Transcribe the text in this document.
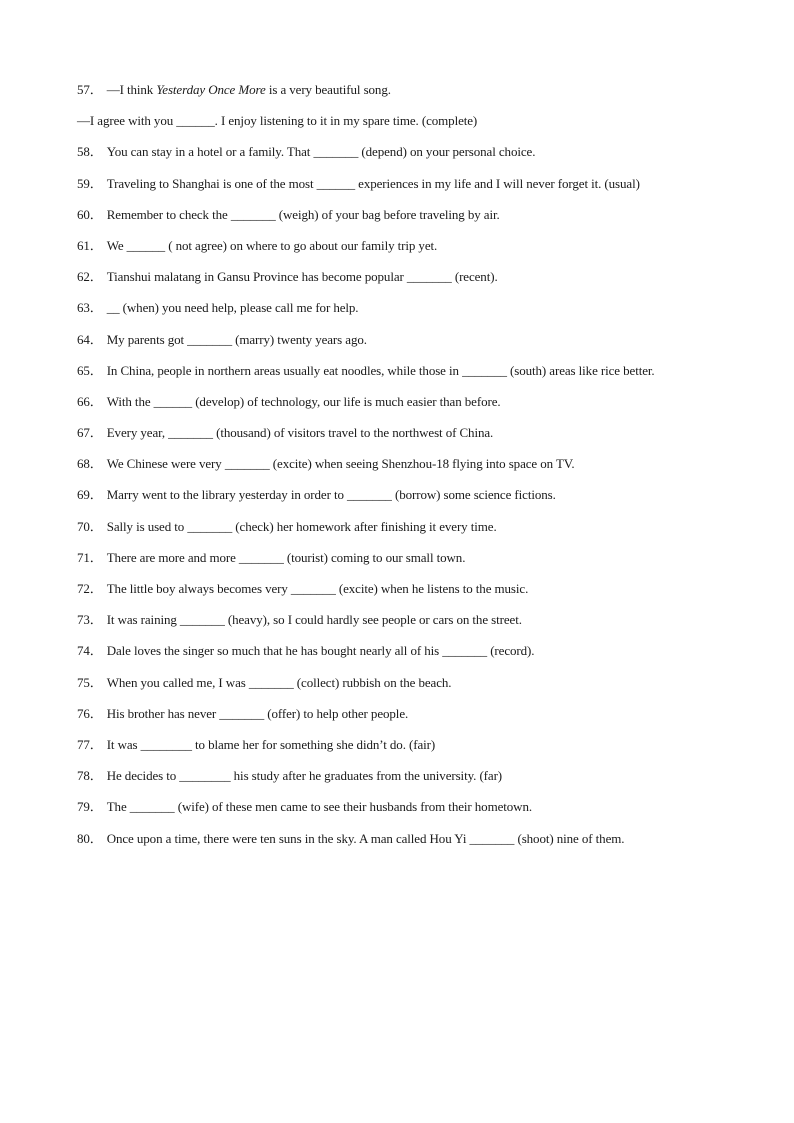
57． —I think Yesterday Once More is a very beautiful song.
—I agree with you ______. I enjoy listening to it in my spare time. (complete)
58． You can stay in a hotel or a family. That _______ (depend) on your personal choice.
59． Traveling to Shanghai is one of the most ______ experiences in my life and I will never forget it. (usual)
60． Remember to check the _______ (weigh) of your bag before traveling by air.
61． We ______ ( not agree) on where to go about our family trip yet.
62． Tianshui malatang in Gansu Province has become popular _______ (recent).
63． __ (when) you need help, please call me for help.
64． My parents got _______ (marry) twenty years ago.
65． In China, people in northern areas usually eat noodles, while those in _______ (south) areas like rice better.
66． With the ______ (develop) of technology, our life is much easier than before.
67． Every year, _______ (thousand) of visitors travel to the northwest of China.
68． We Chinese were very _______ (excite) when seeing Shenzhou-18 flying into space on TV.
69． Marry went to the library yesterday in order to _______ (borrow) some science fictions.
70． Sally is used to _______ (check) her homework after finishing it every time.
71． There are more and more _______ (tourist) coming to our small town.
72． The little boy always becomes very _______ (excite) when he listens to the music.
73． It was raining _______ (heavy), so I could hardly see people or cars on the street.
74． Dale loves the singer so much that he has bought nearly all of his _______ (record).
75． When you called me, I was _______ (collect) rubbish on the beach.
76． His brother has never _______ (offer) to help other people.
77． It was ________ to blame her for something she didn’t do. (fair)
78． He decides to ________ his study after he graduates from the university. (far)
79． The _______ (wife) of these men came to see their husbands from their hometown.
80． Once upon a time, there were ten suns in the sky. A man called Hou Yi _______ (shoot) nine of them.
